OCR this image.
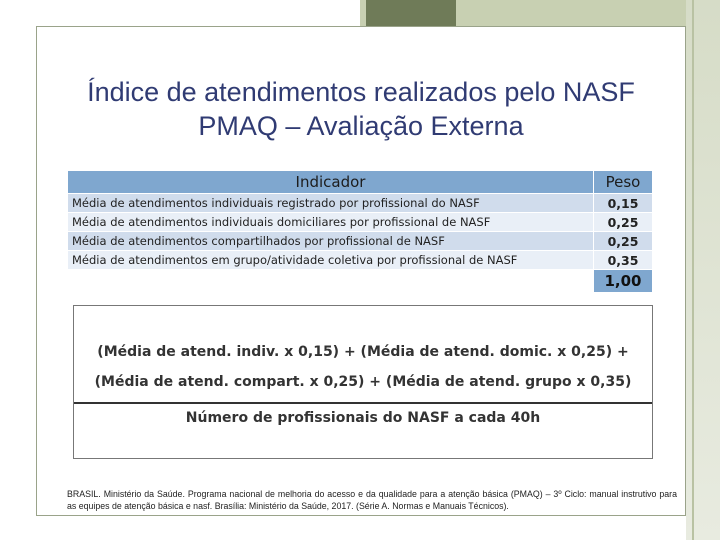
Índice de atendimentos realizados pelo NASF
PMAQ – Avaliação Externa
Indicador	Peso
Média de atendimentos individuais registrado por profissional do NASF	0,15
Média de atendimentos individuais domiciliares por profissional de NASF	0,25
Média de atendimentos compartilhados por profissional de NASF	0,25
Média de atendimentos em grupo/atividade coletiva por profissional de NASF	0,35
	1,00
(Média de atend. indiv. x 0,15) + (Média de atend. domic. x 0,25) +
(Média de atend. compart. x 0,25) + (Média de atend. grupo x 0,35)
Número de profissionais do NASF a cada 40h
BRASIL. Ministério da Saúde. Programa nacional de melhoria do acesso e da qualidade para a atenção básica (PMAQ) – 3º Ciclo: manual instrutivo para as equipes de atenção básica e nasf. Brasília: Ministério da Saúde, 2017. (Série A. Normas e Manuais Técnicos).
